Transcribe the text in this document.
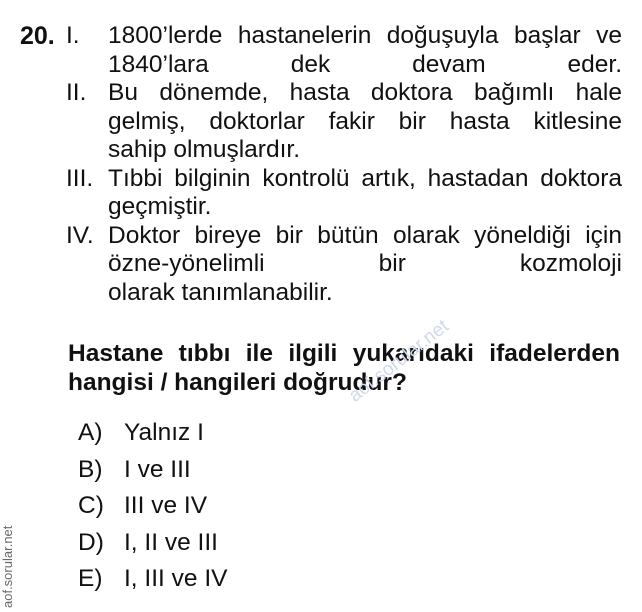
20. I.	1800’lerde hastanelerin doğuşuyla başlar ve
1840’lara dek devam eder.
II. Bu dönemde, hasta doktora bağımlı hale
gelmiş, doktorlar fakir bir hasta kitlesine
sahip olmuşlardır.
III. Tıbbi bilginin kontrolü artık, hastadan doktora
geçmiştir.
IV. Doktor bireye bir bütün olarak yöneldiği için
özne-yönelimli bir kozmoloji
olarak tanımlanabilir.
Hastane tıbbı ile ilgili yukarıdaki ifadelerden
hangisi / hangileri doğrudur?
A) Yalnız I
B) I ve III
C) III ve IV
D) I, II ve III
E) I, III ve IV
aof.sorular.net
aof.sorular.net
